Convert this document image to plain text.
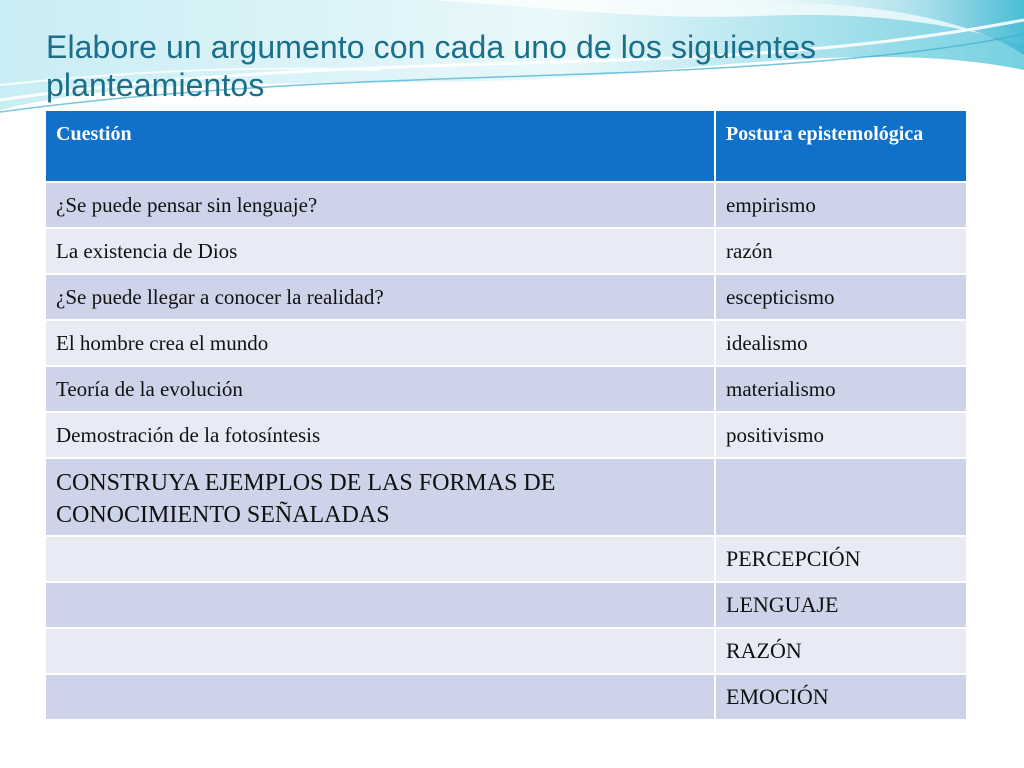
Elabore un argumento con cada uno de los siguientes planteamientos
Cuestión	Postura epistemológica
¿Se puede pensar sin lenguaje?	empirismo
La existencia de Dios	razón
¿Se puede llegar a conocer la realidad?	escepticismo
El hombre crea el mundo	idealismo
Teoría de la evolución	materialismo
Demostración de la fotosíntesis	positivismo
CONSTRUYA EJEMPLOS DE LAS FORMAS DE CONOCIMIENTO SEÑALADAS	
	PERCEPCIÓN
	LENGUAJE
	RAZÓN
	EMOCIÓN
